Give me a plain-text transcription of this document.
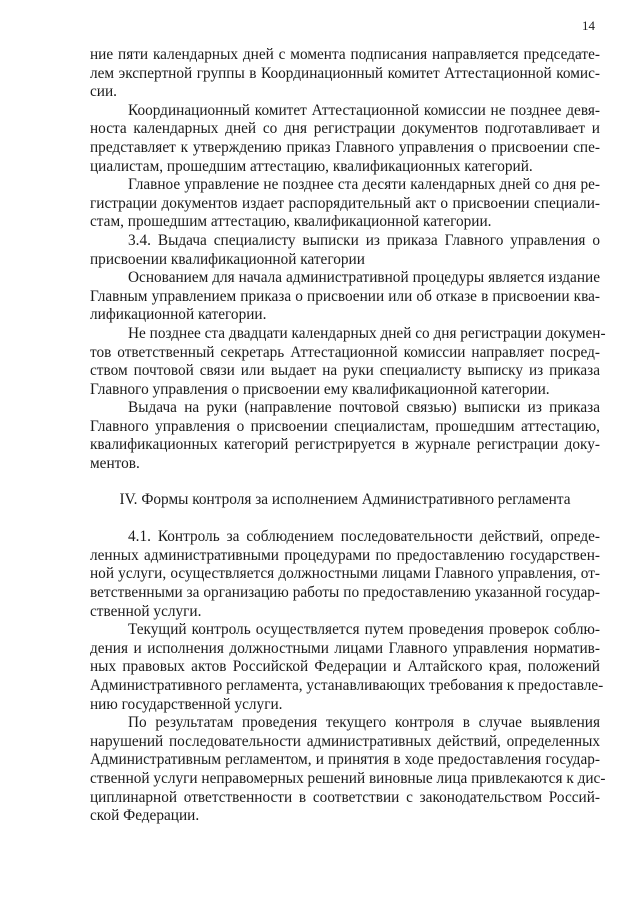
14
ние пяти календарных дней с момента подписания направляется председате-
лем экспертной группы в Координационный комитет Аттестационной комис-
сии.
Координационный комитет Аттестационной комиссии не позднее девя-
носта календарных дней со дня регистрации документов подготавливает и
представляет к утверждению приказ Главного управления о присвоении спе-
циалистам, прошедшим аттестацию, квалификационных категорий.
Главное управление не позднее ста десяти календарных дней со дня ре-
гистрации документов издает распорядительный акт о присвоении специали-
стам, прошедшим аттестацию, квалификационной категории.
3.4. Выдача специалисту выписки из приказа Главного управления о
присвоении квалификационной категории
Основанием для начала административной процедуры является издание
Главным управлением приказа о присвоении или об отказе в присвоении ква-
лификационной категории.
Не позднее ста двадцати календарных дней со дня регистрации докумен-
тов ответственный секретарь Аттестационной комиссии направляет посред-
ством почтовой связи или выдает на руки специалисту выписку из приказа
Главного управления о присвоении ему квалификационной категории.
Выдача на руки (направление почтовой связью) выписки из приказа
Главного управления о присвоении специалистам, прошедшим аттестацию,
квалификационных категорий регистрируется в журнале регистрации доку-
ментов.
IV. Формы контроля за исполнением Административного регламента
4.1. Контроль за соблюдением последовательности действий, опреде-
ленных административными процедурами по предоставлению государствен-
ной услуги, осуществляется должностными лицами Главного управления, от-
ветственными за организацию работы по предоставлению указанной государ-
ственной услуги.
Текущий контроль осуществляется путем проведения проверок соблю-
дения и исполнения должностными лицами Главного управления норматив-
ных правовых актов Российской Федерации и Алтайского края, положений
Административного регламента, устанавливающих требования к предоставле-
нию государственной услуги.
По результатам проведения текущего контроля в случае выявления
нарушений последовательности административных действий, определенных
Административным регламентом, и принятия в ходе предоставления государ-
ственной услуги неправомерных решений виновные лица привлекаются к дис-
циплинарной ответственности в соответствии с законодательством Россий-
ской Федерации.
